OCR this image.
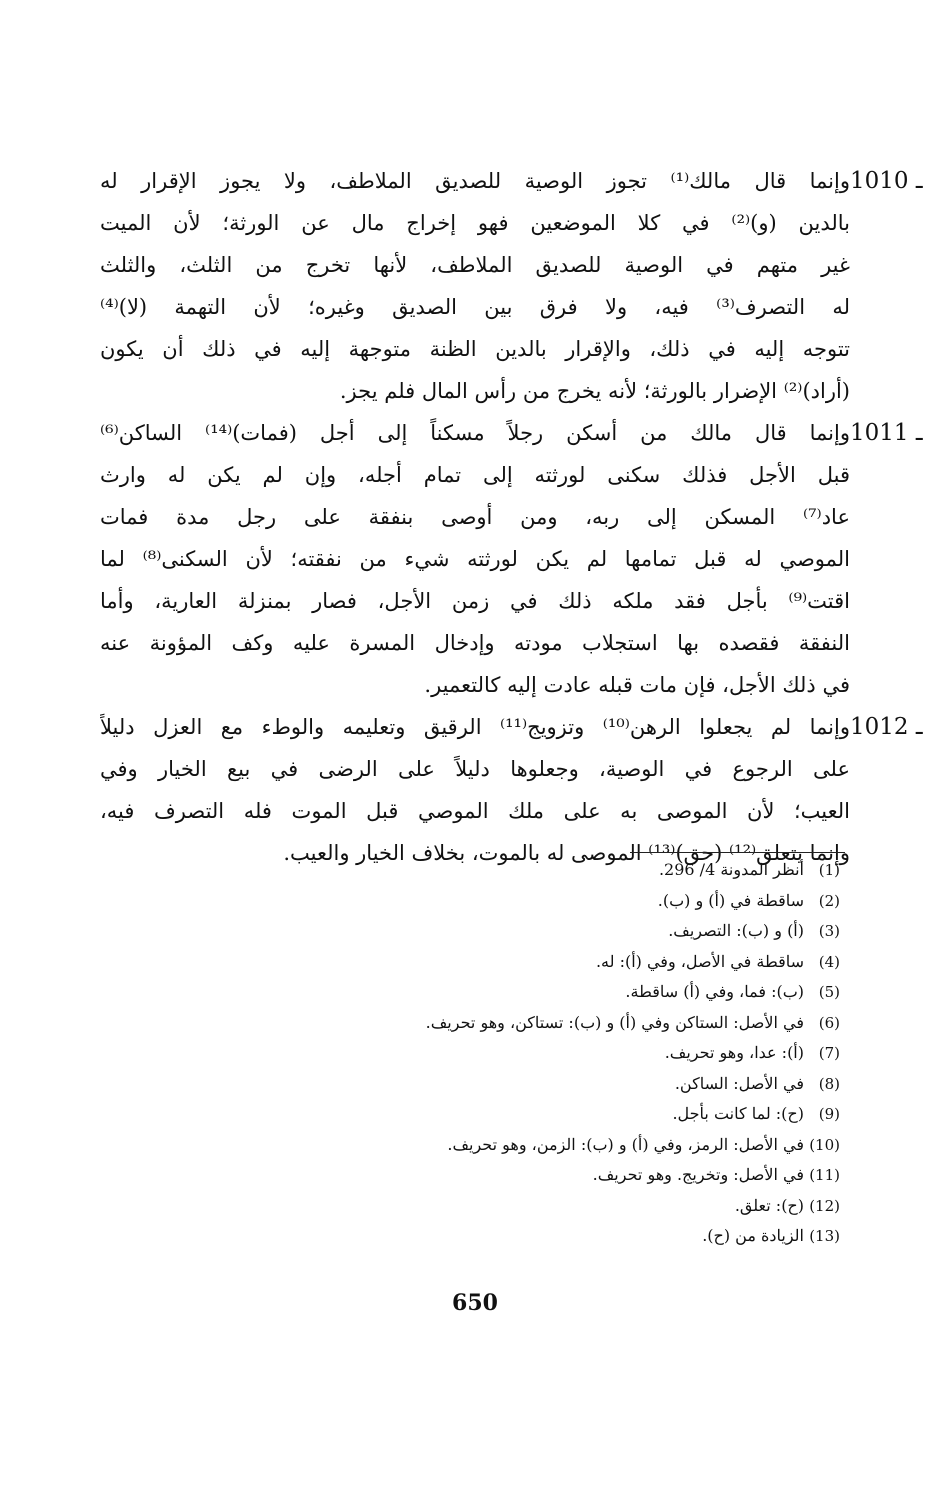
1010 ـ
وإنما قال مالك⁽¹⁾ تجوز الوصية للصديق الملاطف، ولا يجوز الإقرار له
بالدين (و)⁽²⁾ في كلا الموضعين فهو إخراج مال عن الورثة؛ لأن الميت
غير متهم في الوصية للصديق الملاطف، لأنها تخرج من الثلث، والثلث
له التصرف⁽³⁾ فيه، ولا فرق بين الصديق وغيره؛ لأن التهمة (لا)⁽⁴⁾
تتوجه إليه في ذلك، والإقرار بالدين الظنة متوجهة إليه في ذلك أن يكون
(أراد)⁽²⁾ الإضرار بالورثة؛ لأنه يخرج من رأس المال فلم يجز.
1011 ـ
وإنما قال مالك من أسكن رجلاً مسكناً إلى أجل (فمات)⁽¹⁴⁾ الساكن⁽⁶⁾
قبل الأجل فذلك سكنى لورثته إلى تمام أجله، وإن لم يكن له وارث
عاد⁽⁷⁾ المسكن إلى ربه، ومن أوصى بنفقة على رجل مدة فمات
الموصي له قبل تمامها لم يكن لورثته شيء من نفقته؛ لأن السكنى⁽⁸⁾ لما
اقتت⁽⁹⁾ بأجل فقد ملكه ذلك في زمن الأجل، فصار بمنزلة العارية، وأما
النفقة فقصده بها استجلاب مودته وإدخال المسرة عليه وكف المؤونة عنه
في ذلك الأجل، فإن مات قبله عادت إليه كالتعمير.
1012 ـ
وإنما لم يجعلوا الرهن⁽¹⁰⁾ وتزويج⁽¹¹⁾ الرقيق وتعليمه والوطء مع العزل دليلاً
على الرجوع في الوصية، وجعلوها دليلاً على الرضى في بيع الخيار وفي
العيب؛ لأن الموصى به على ملك الموصي قبل الموت فله التصرف فيه،
وإنما يتعلق⁽¹²⁾ (حق)⁽¹³⁾ الموصى له بالموت، بخلاف الخيار والعيب.
(1)
أنظر المدونة 4/ 296.
(2)
ساقطة في (أ) و (ب).
(3)
(أ) و (ب): التصريف.
(4)
ساقطة في الأصل، وفي (أ): له.
(5)
(ب): فما، وفي (أ) ساقطة.
(6)
في الأصل: الستاكن وفي (أ) و (ب): تستاكن، وهو تحريف.
(7)
(أ): عدا، وهو تحريف.
(8)
في الأصل: الساكن.
(9)
(ح): لما كانت بأجل.
(10)
في الأصل: الرمز، وفي (أ) و (ب): الزمن، وهو تحريف.
(11)
في الأصل: وتخريج. وهو تحريف.
(12)
(ح): تعلق.
(13)
الزيادة من (ح).
650
